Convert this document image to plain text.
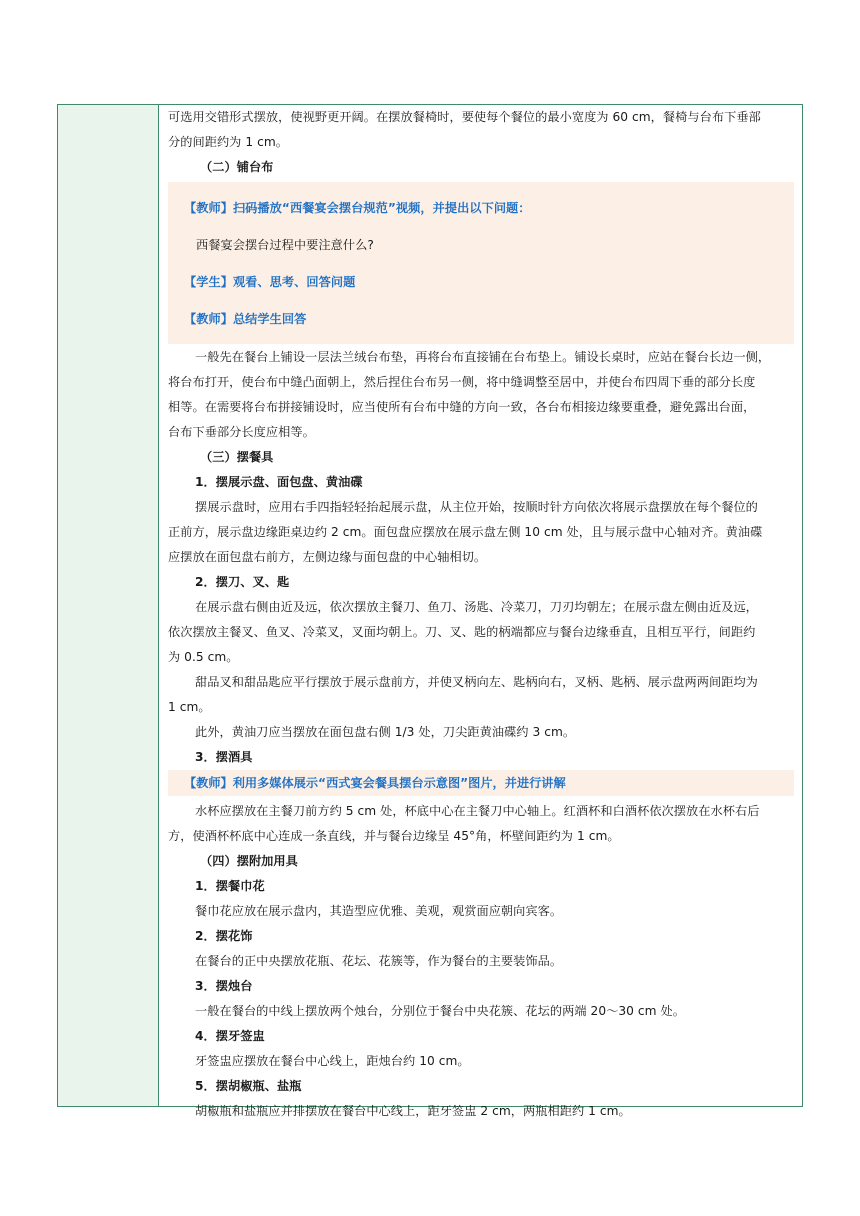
可选用交错形式摆放，使视野更开阔。在摆放餐椅时，要使每个餐位的最小宽度为 60 cm，餐椅与台布下垂部
分的间距约为 1 cm。
（二）铺台布
【教师】扫码播放“西餐宴会摆台规范”视频，并提出以下问题：
西餐宴会摆台过程中要注意什么?
【学生】观看、思考、回答问题
【教师】总结学生回答
一般先在餐台上铺设一层法兰绒台布垫，再将台布直接铺在台布垫上。铺设长桌时，应站在餐台长边一侧，
将台布打开，使台布中缝凸面朝上，然后捏住台布另一侧，将中缝调整至居中，并使台布四周下垂的部分长度
相等。在需要将台布拼接铺设时，应当使所有台布中缝的方向一致，各台布相接边缘要重叠，避免露出台面，
台布下垂部分长度应相等。
（三）摆餐具
1．摆展示盘、面包盘、黄油碟
摆展示盘时，应用右手四指轻轻抬起展示盘，从主位开始，按顺时针方向依次将展示盘摆放在每个餐位的
正前方，展示盘边缘距桌边约 2 cm。面包盘应摆放在展示盘左侧 10 cm 处，且与展示盘中心轴对齐。黄油碟
应摆放在面包盘右前方，左侧边缘与面包盘的中心轴相切。
2．摆刀、叉、匙
在展示盘右侧由近及远，依次摆放主餐刀、鱼刀、汤匙、冷菜刀，刀刃均朝左；在展示盘左侧由近及远，
依次摆放主餐叉、鱼叉、冷菜叉，叉面均朝上。刀、叉、匙的柄端都应与餐台边缘垂直，且相互平行，间距约
为 0.5 cm。
甜品叉和甜品匙应平行摆放于展示盘前方，并使叉柄向左、匙柄向右，叉柄、匙柄、展示盘两两间距均为
1 cm。
此外，黄油刀应当摆放在面包盘右侧 1/3 处，刀尖距黄油碟约 3 cm。
3．摆酒具
【教师】利用多媒体展示“西式宴会餐具摆台示意图”图片，并进行讲解
水杯应摆放在主餐刀前方约 5 cm 处，杯底中心在主餐刀中心轴上。红酒杯和白酒杯依次摆放在水杯右后
方，使酒杯杯底中心连成一条直线，并与餐台边缘呈 45°角，杯壁间距约为 1 cm。
（四）摆附加用具
1．摆餐巾花
餐巾花应放在展示盘内，其造型应优雅、美观，观赏面应朝向宾客。
2．摆花饰
在餐台的正中央摆放花瓶、花坛、花簇等，作为餐台的主要装饰品。
3．摆烛台
一般在餐台的中线上摆放两个烛台，分别位于餐台中央花簇、花坛的两端 20～30 cm 处。
4．摆牙签盅
牙签盅应摆放在餐台中心线上，距烛台约 10 cm。
5．摆胡椒瓶、盐瓶
胡椒瓶和盐瓶应并排摆放在餐台中心线上，距牙签盅 2 cm，两瓶相距约 1 cm。
